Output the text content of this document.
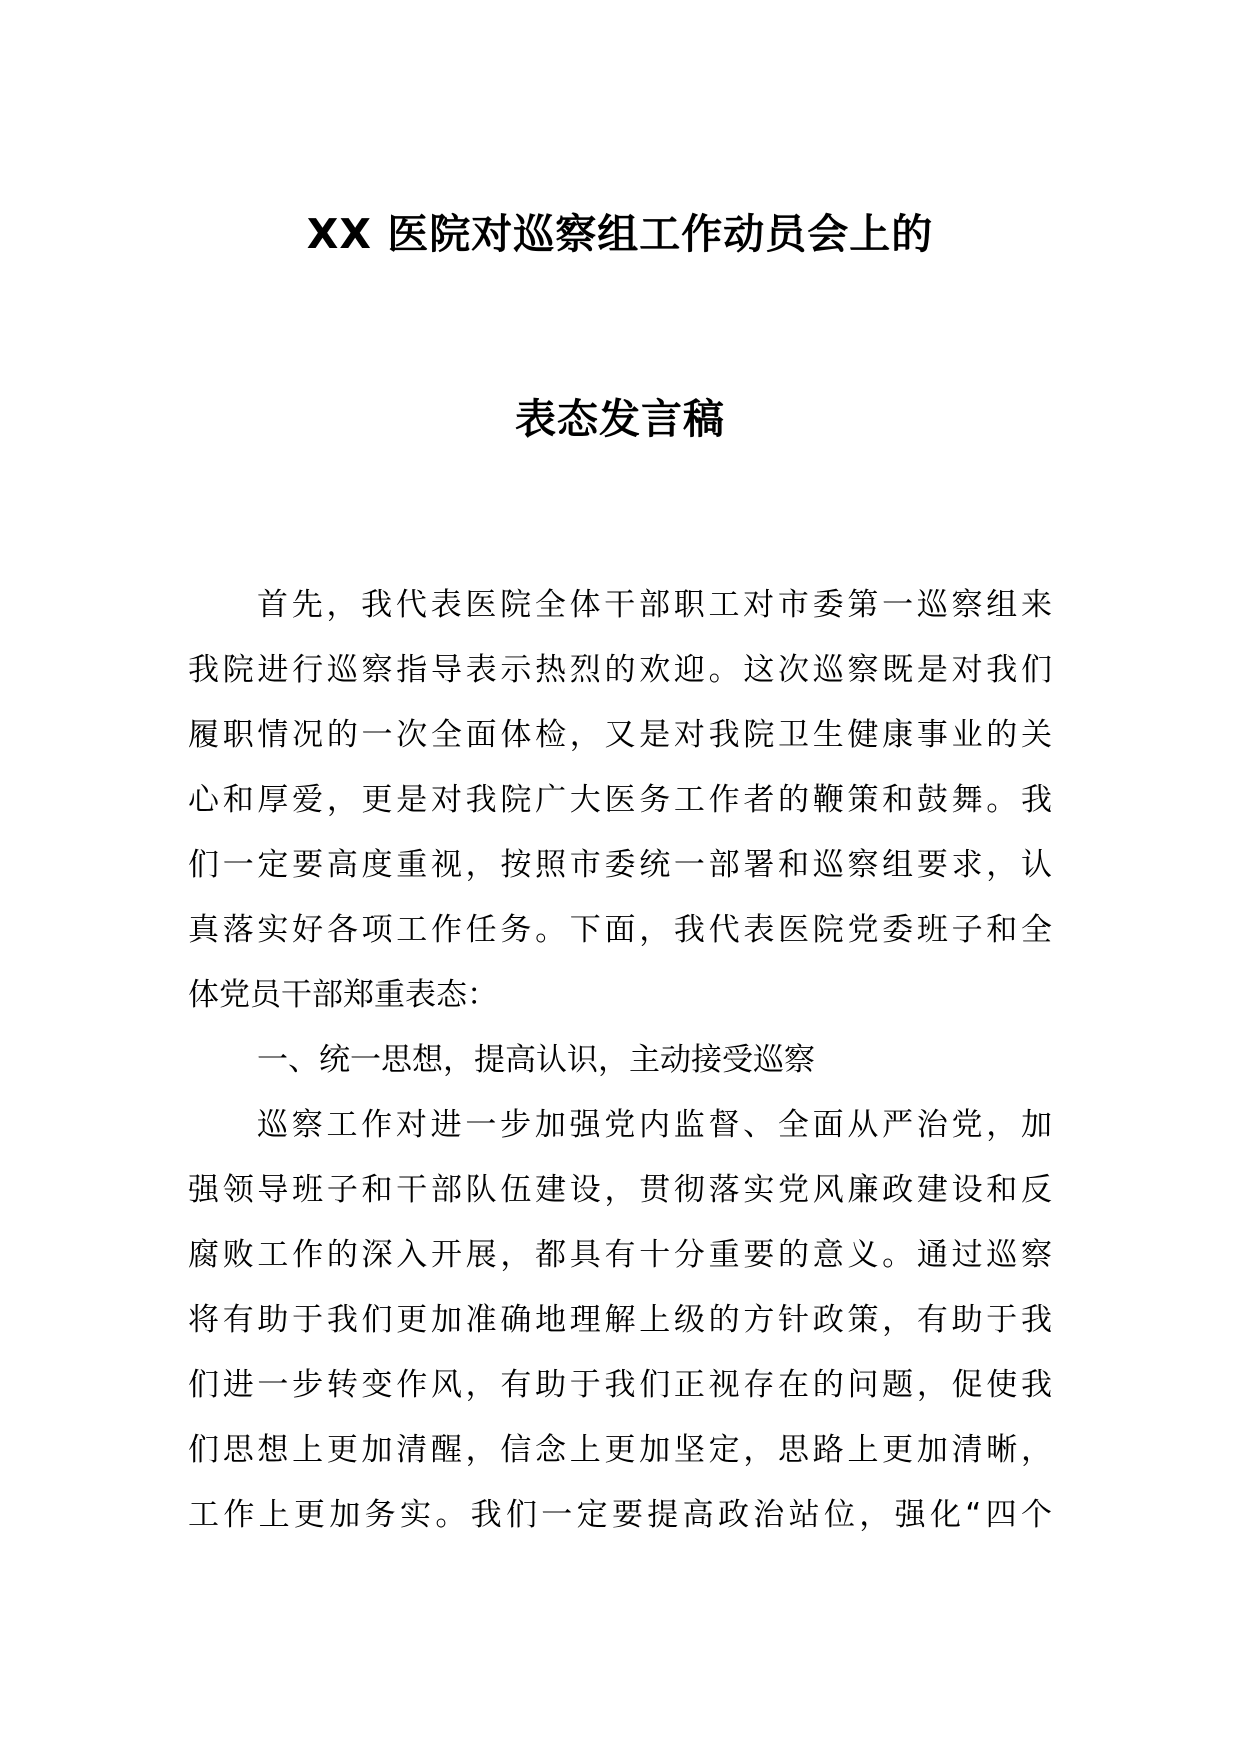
XX 医院对巡察组工作动员会上的
表态发言稿
首先，我代表医院全体干部职工对市委第一巡察组来
我院进行巡察指导表示热烈的欢迎。这次巡察既是对我们
履职情况的一次全面体检，又是对我院卫生健康事业的关
心和厚爱，更是对我院广大医务工作者的鞭策和鼓舞。我
们一定要高度重视，按照市委统一部署和巡察组要求，认
真落实好各项工作任务。下面，我代表医院党委班子和全
体党员干部郑重表态：
一、统一思想，提高认识，主动接受巡察
巡察工作对进一步加强党内监督、全面从严治党，加
强领导班子和干部队伍建设，贯彻落实党风廉政建设和反
腐败工作的深入开展，都具有十分重要的意义。通过巡察
将有助于我们更加准确地理解上级的方针政策，有助于我
们进一步转变作风，有助于我们正视存在的问题，促使我
们思想上更加清醒，信念上更加坚定，思路上更加清晰，
工作上更加务实。我们一定要提高政治站位，强化“四个
